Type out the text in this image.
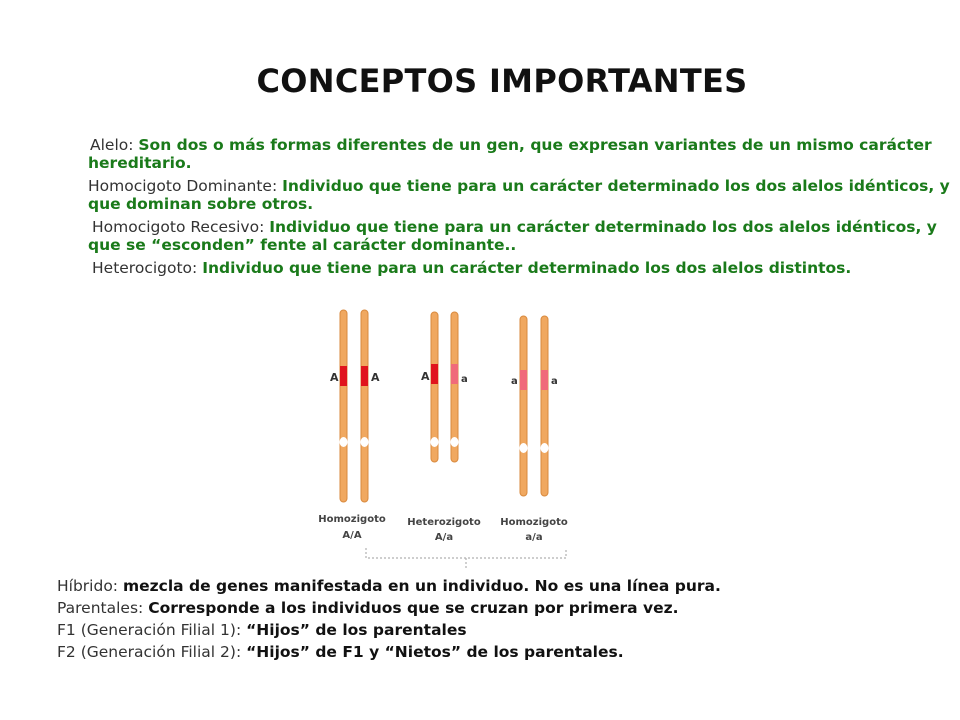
CONCEPTOS IMPORTANTES
Alelo: Son dos o más formas diferentes de un gen, que expresan variantes de un mismo carácter hereditario.
Homocigoto Dominante: Individuo que tiene para un carácter determinado los dos alelos idénticos, y que dominan sobre otros.
Homocigoto Recesivo: Individuo que tiene para un carácter determinado los dos alelos idénticos, y que se “esconden” fente al carácter dominante..
Heterocigoto: Individuo que tiene para un carácter determinado los dos alelos distintos.
A	A
Homozigoto
A/A
A	a
Heterozigoto
A/a
a	a
Homozigoto
a/a
Híbrido: mezcla de genes manifestada en un individuo. No es una línea pura.
Parentales: Corresponde a los individuos que se cruzan por primera vez.
F1 (Generación Filial 1): “Hijos” de los parentales
F2 (Generación Filial 2): “Hijos” de F1 y “Nietos” de los parentales.
